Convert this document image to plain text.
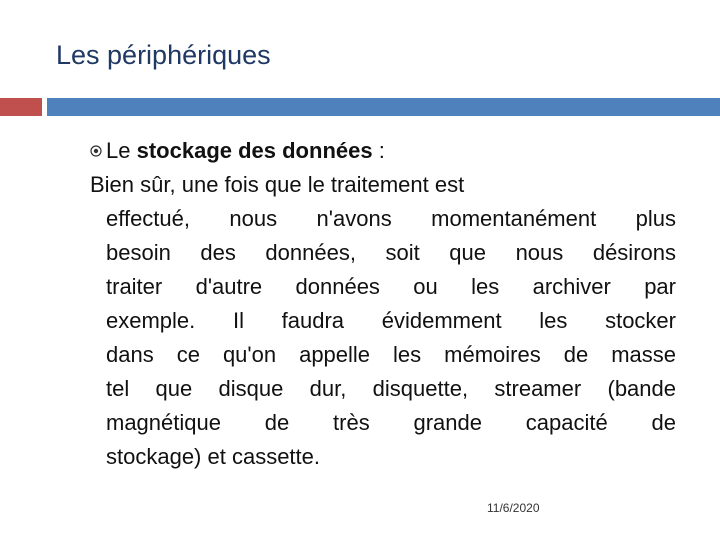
Les périphériques
Le stockage des données :
Bien sûr, une fois que le traitement est
effectué, nous n'avons momentanément plus
besoin des données, soit que nous désirons
traiter d'autre données ou les archiver par
exemple. Il faudra évidemment les stocker
dans ce qu'on appelle les mémoires de masse
tel que disque dur, disquette, streamer (bande
magnétique de très grande capacité de
stockage) et cassette.
11/6/2020
